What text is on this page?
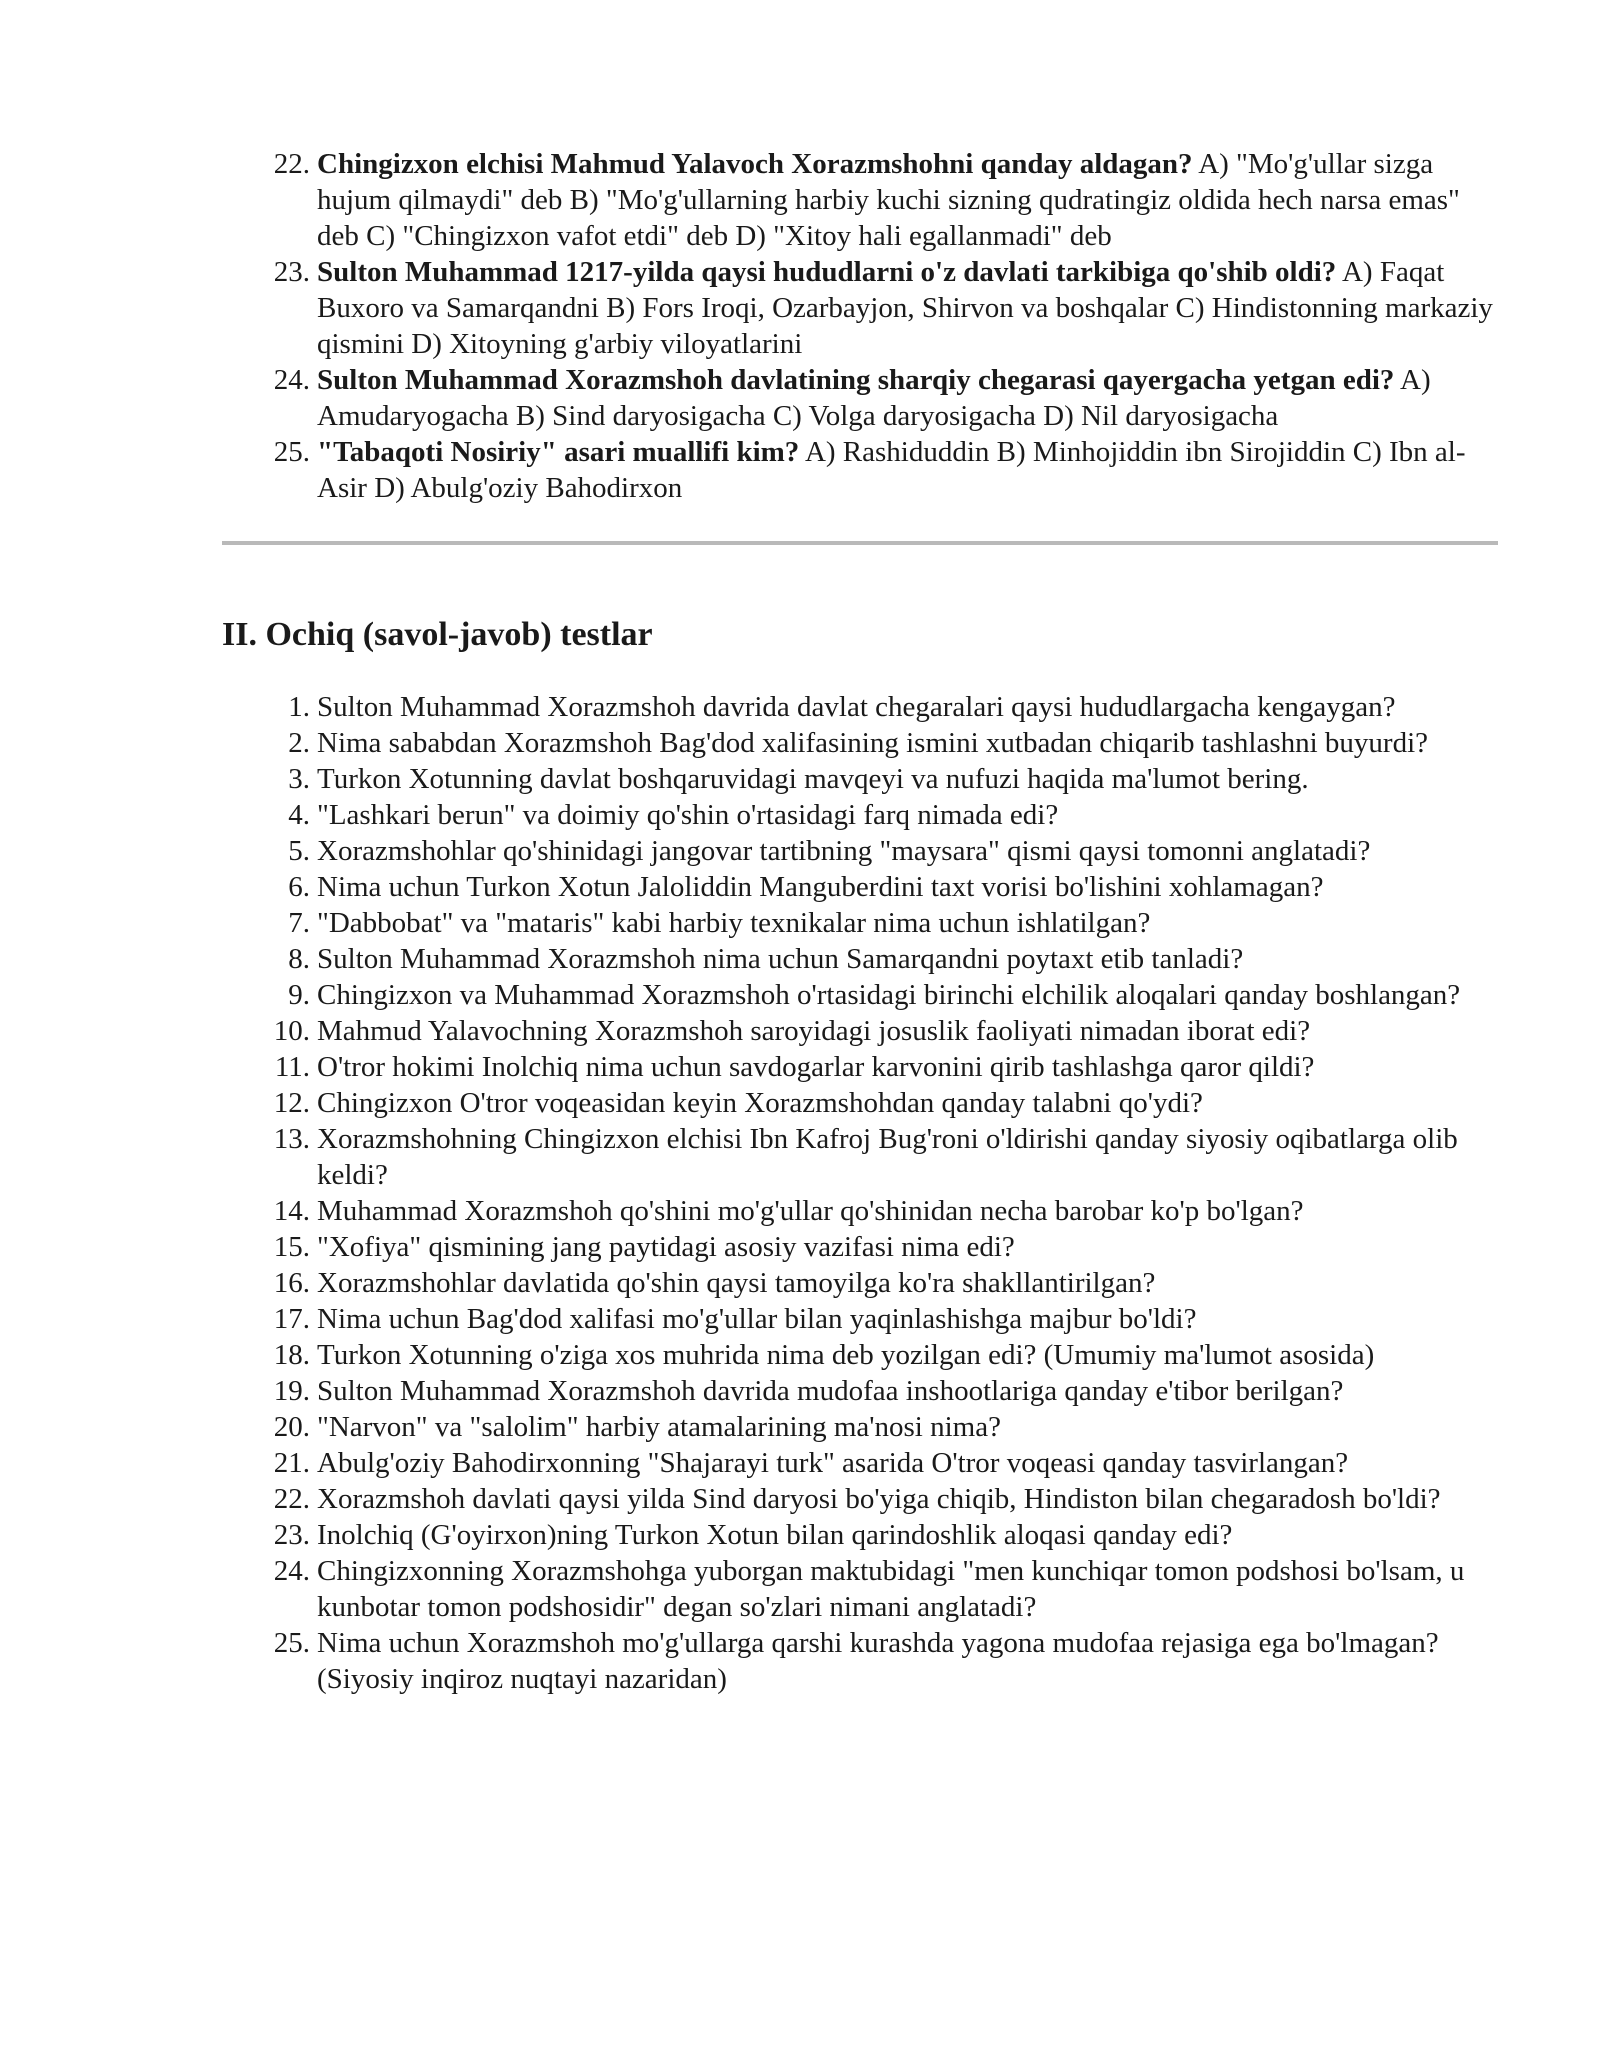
22. Chingizxon elchisi Mahmud Yalavoch Xorazmshohni qanday aldagan? A) "Mo'g'ullar sizga hujum qilmaydi" deb B) "Mo'g'ullarning harbiy kuchi sizning qudratingiz oldida hech narsa emas" deb C) "Chingizxon vafot etdi" deb D) "Xitoy hali egallanmadi" deb
23. Sulton Muhammad 1217-yilda qaysi hududlarni o'z davlati tarkibiga qo'shib oldi? A) Faqat Buxoro va Samarqandni B) Fors Iroqi, Ozarbayjon, Shirvon va boshqalar C) Hindistonning markaziy qismini D) Xitoyning g'arbiy viloyatlarini
24. Sulton Muhammad Xorazmshoh davlatining sharqiy chegarasi qayergacha yetgan edi? A) Amudaryogacha B) Sind daryosigacha C) Volga daryosigacha D) Nil daryosigacha
25. "Tabaqoti Nosiriy" asari muallifi kim? A) Rashiduddin B) Minhojiddin ibn Sirojiddin C) Ibn al-Asir D) Abulg'oziy Bahodirxon
II. Ochiq (savol-javob) testlar
1. Sulton Muhammad Xorazmshoh davrida davlat chegaralari qaysi hududlargacha kengaygan?
2. Nima sababdan Xorazmshoh Bag'dod xalifasining ismini xutbadan chiqarib tashlashni buyurdi?
3. Turkon Xotunning davlat boshqaruvidagi mavqeyi va nufuzi haqida ma'lumot bering.
4. "Lashkari berun" va doimiy qo'shin o'rtasidagi farq nimada edi?
5. Xorazmshohlar qo'shinidagi jangovar tartibning "maysara" qismi qaysi tomonni anglatadi?
6. Nima uchun Turkon Xotun Jaloliddin Manguberdini taxt vorisi bo'lishini xohlamagan?
7. "Dabbobat" va "mataris" kabi harbiy texnikalar nima uchun ishlatilgan?
8. Sulton Muhammad Xorazmshoh nima uchun Samarqandni poytaxt etib tanladi?
9. Chingizxon va Muhammad Xorazmshoh o'rtasidagi birinchi elchilik aloqalari qanday boshlangan?
10. Mahmud Yalavochning Xorazmshoh saroyidagi josuslik faoliyati nimadan iborat edi?
11. O'tror hokimi Inolchiq nima uchun savdogarlar karvonini qirib tashlashga qaror qildi?
12. Chingizxon O'tror voqeasidan keyin Xorazmshohdan qanday talabni qo'ydi?
13. Xorazmshohning Chingizxon elchisi Ibn Kafroj Bug'roni o'ldirishi qanday siyosiy oqibatlarga olib keldi?
14. Muhammad Xorazmshoh qo'shini mo'g'ullar qo'shinidan necha barobar ko'p bo'lgan?
15. "Xofiya" qismining jang paytidagi asosiy vazifasi nima edi?
16. Xorazmshohlar davlatida qo'shin qaysi tamoyilga ko'ra shakllantirilgan?
17. Nima uchun Bag'dod xalifasi mo'g'ullar bilan yaqinlashishga majbur bo'ldi?
18. Turkon Xotunning o'ziga xos muhrida nima deb yozilgan edi? (Umumiy ma'lumot asosida)
19. Sulton Muhammad Xorazmshoh davrida mudofaa inshootlariga qanday e'tibor berilgan?
20. "Narvon" va "salolim" harbiy atamalarining ma'nosi nima?
21. Abulg'oziy Bahodirxonning "Shajarayi turk" asarida O'tror voqeasi qanday tasvirlangan?
22. Xorazmshoh davlati qaysi yilda Sind daryosi bo'yiga chiqib, Hindiston bilan chegaradosh bo'ldi?
23. Inolchiq (G'oyirxon)ning Turkon Xotun bilan qarindoshlik aloqasi qanday edi?
24. Chingizxonning Xorazmshohga yuborgan maktubidagi "men kunchiqar tomon podshosi bo'lsam, u kunbotar tomon podshosidir" degan so'zlari nimani anglatadi?
25. Nima uchun Xorazmshoh mo'g'ullarga qarshi kurashda yagona mudofaa rejasiga ega bo'lmagan? (Siyosiy inqiroz nuqtayi nazaridan)
